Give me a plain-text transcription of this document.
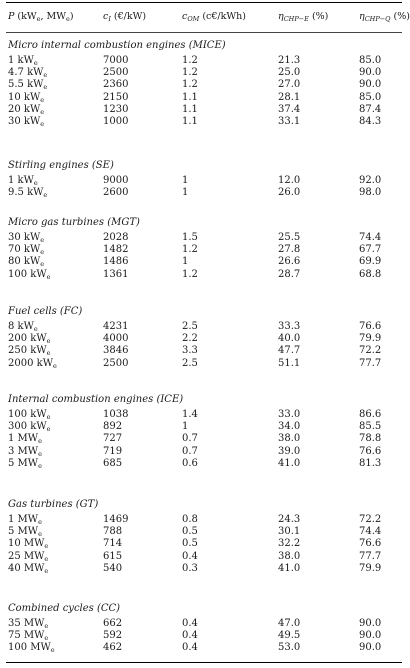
P ($kW_e$, $MW_e$)	$c_I$ (€/kW)	$c_{OM}$ (c€/kWh)	$\eta_{CHP-E}$ (%)	$\eta_{CHP-Q}$ (%)
Micro internal combustion engines (MICE)
1 $kW_e$	7000	1.2	21.3	85.0
4.7 $kW_e$	2500	1.2	25.0	90.0
5.5 $kW_e$	2360	1.2	27.0	90.0
10 $kW_e$	2150	1.1	28.1	85.0
20 $kW_e$	1230	1.1	37.4	87.4
30 $kW_e$	1000	1.1	33.1	84.3
Stirling engines (SE)
1 $kW_e$	9000	1	12.0	92.0
9.5 $kW_e$	2600	1	26.0	98.0
Micro gas turbines (MGT)
30 $kW_e$	2028	1.5	25.5	74.4
70 $kW_e$	1482	1.2	27.8	67.7
80 $kW_e$	1486	1	26.6	69.9
100 $kW_e$	1361	1.2	28.7	68.8
Fuel cells (FC)
8 $kW_e$	4231	2.5	33.3	76.6
200 $kW_e$	4000	2.2	40.0	79.9
250 $kW_e$	3846	3.3	47.7	72.2
2000 $kW_e$	2500	2.5	51.1	77.7
Internal combustion engines (ICE)
100 $kW_e$	1038	1.4	33.0	86.6
300 $kW_e$	892	1	34.0	85.5
1 $MW_e$	727	0.7	38.0	78.8
3 $MW_e$	719	0.7	39.0	76.6
5 $MW_e$	685	0.6	41.0	81.3
Gas turbines (GT)
1 $MW_e$	1469	0.8	24.3	72.2
5 $MW_e$	788	0.5	30.1	74.4
10 $MW_e$	714	0.5	32.2	76.6
25 $MW_e$	615	0.4	38.0	77.7
40 $MW_e$	540	0.3	41.0	79.9
Combined cycles (CC)
35 $MW_e$	662	0.4	47.0	90.0
75 $MW_e$	592	0.4	49.5	90.0
100 $MW_e$	462	0.4	53.0	90.0
